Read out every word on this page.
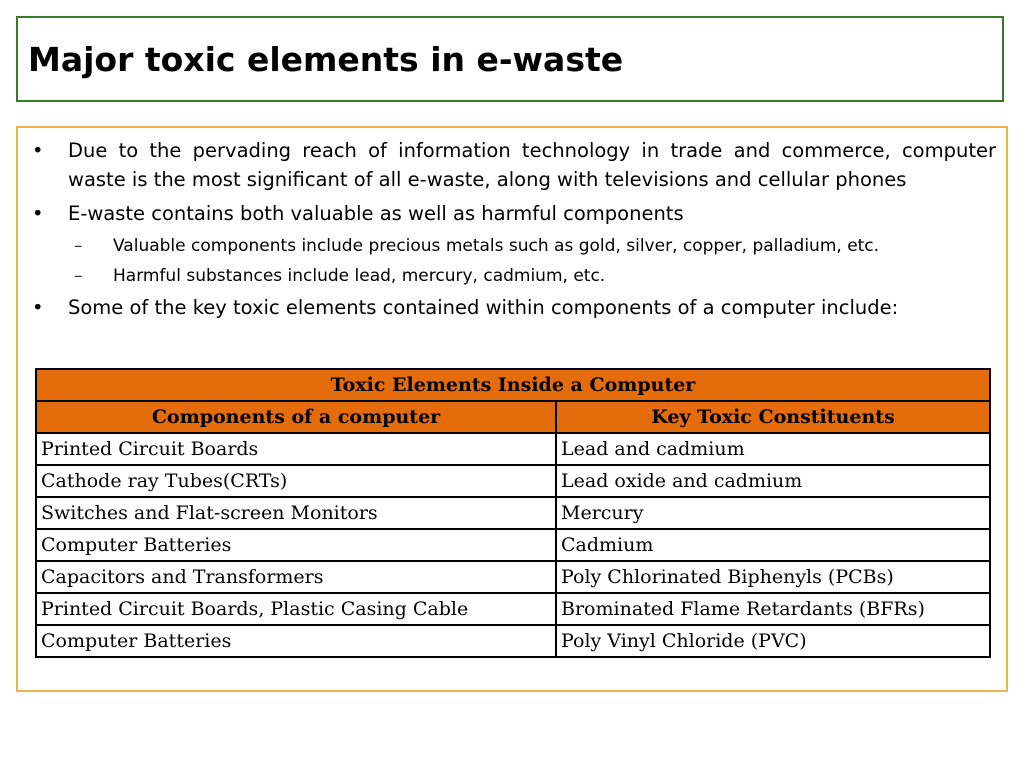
Major toxic elements in e-waste
• Due to the pervading reach of information technology in trade and commerce, computer waste is the most significant of all e-waste, along with televisions and cellular phones
• E-waste contains both valuable as well as harmful components
– Valuable components include precious metals such as gold, silver, copper, palladium, etc.
– Harmful substances include lead, mercury, cadmium, etc.
• Some of the key toxic elements contained within components of a computer include:
Toxic Elements Inside a Computer	
Components of a computer	Key Toxic Constituents
Printed Circuit Boards	Lead and cadmium
Cathode ray Tubes(CRTs)	Lead oxide and cadmium
Switches and Flat-screen Monitors	Mercury
Computer Batteries	Cadmium
Capacitors and Transformers	Poly Chlorinated Biphenyls (PCBs)
Printed Circuit Boards, Plastic Casing Cable	Brominated Flame Retardants (BFRs)
Computer Batteries	Poly Vinyl Chloride (PVC)
